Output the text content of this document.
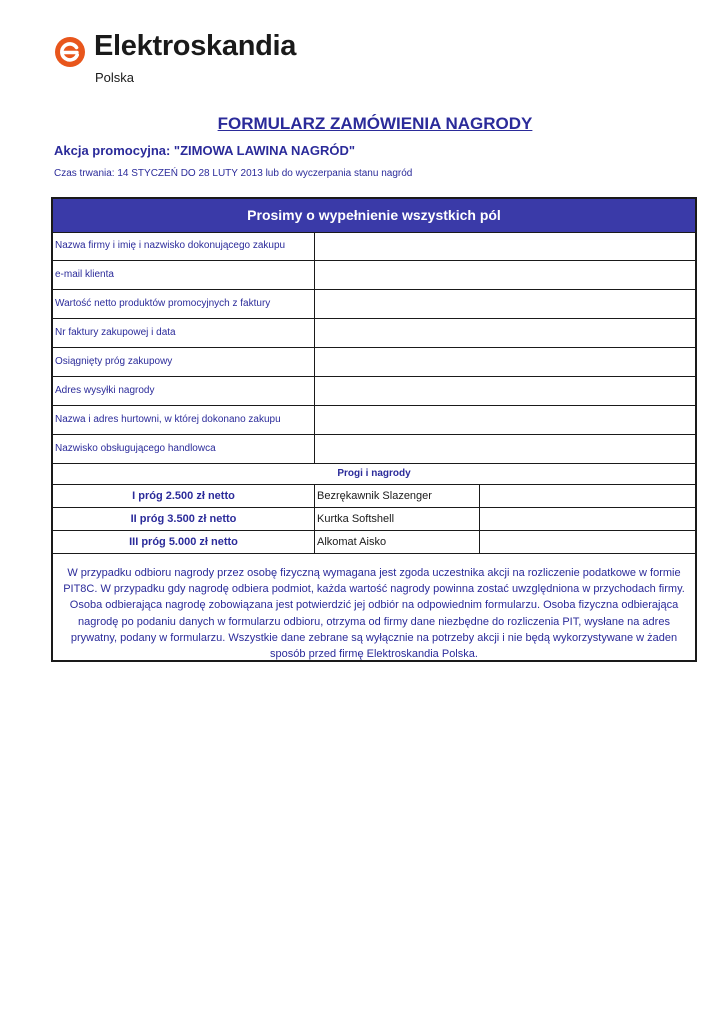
Elektroskandia
Polska
FORMULARZ ZAMÓWIENIA NAGRODY
Akcja promocyjna: "ZIMOWA LAWINA NAGRÓD"
Czas trwania: 14 STYCZEŃ DO 28 LUTY 2013 lub do wyczerpania stanu nagród
Prosimy o wypełnienie wszystkich pól
Nazwa firmy i imię i nazwisko dokonującego zakupu
e-mail klienta
Wartość netto produktów promocyjnych z faktury
Nr faktury zakupowej i data
Osiągnięty próg zakupowy
Adres wysyłki nagrody
Nazwa i adres hurtowni, w której dokonano zakupu
Nazwisko obsługującego handlowca
Progi i nagrody
I próg 2.500 zł netto	Bezrękawnik Slazenger
II próg 3.500 zł netto	Kurtka Softshell
III próg 5.000 zł netto	Alkomat Aisko
W przypadku odbioru nagrody przez osobę fizyczną wymagana jest zgoda uczestnika akcji na rozliczenie podatkowe w formie PIT8C. W przypadku gdy nagrodę odbiera podmiot, każda wartość nagrody powinna zostać uwzględniona w przychodach firmy. Osoba odbierająca nagrodę zobowiązana jest potwierdzić jej odbiór na odpowiednim formularzu. Osoba fizyczna odbierająca nagrodę po podaniu danych w formularzu odbioru, otrzyma od firmy dane niezbędne do rozliczenia PIT, wysłane na adres prywatny, podany w formularzu. Wszystkie dane zebrane są wyłącznie na potrzeby akcji i nie będą wykorzystywane w żaden sposób przed firmę Elektroskandia Polska.
